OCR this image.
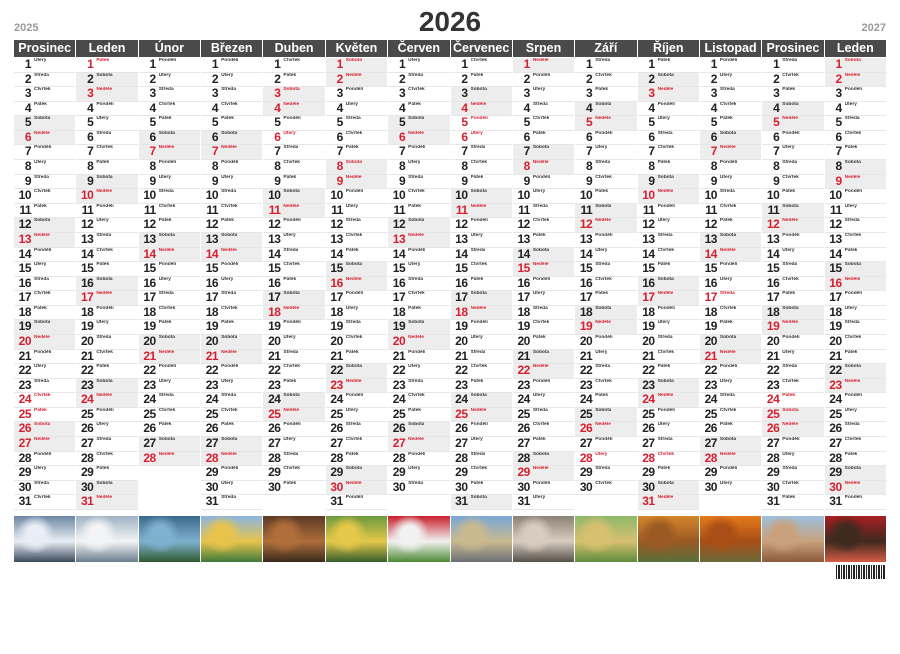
2025	2026	2027
Prosinec
1 Úterý
2 Středa
3 Čtvrtek
4 Pátek
5 Sobota
6 Neděle
7 Pondělí
8 Úterý
9 Středa
10 Čtvrtek
11 Pátek
12 Sobota
13 Neděle
14 Pondělí
15 Úterý
16 Středa
17 Čtvrtek
18 Pátek
19 Sobota
20 Neděle
21 Pondělí
22 Úterý
23 Středa
24 Čtvrtek
25 Pátek
26 Sobota
27 Neděle
28 Pondělí
29 Úterý
30 Středa
31 Čtvrtek
Leden
1 Pátek
2 Sobota
3 Neděle
4 Pondělí
5 Úterý
6 Středa
7 Čtvrtek
8 Pátek
9 Sobota
10 Neděle
11 Pondělí
12 Úterý
13 Středa
14 Čtvrtek
15 Pátek
16 Sobota
17 Neděle
18 Pondělí
19 Úterý
20 Středa
21 Čtvrtek
22 Pátek
23 Sobota
24 Neděle
25 Pondělí
26 Úterý
27 Středa
28 Čtvrtek
29 Pátek
30 Sobota
31 Neděle
Únor
1 Pondělí
2 Úterý
3 Středa
4 Čtvrtek
5 Pátek
6 Sobota
7 Neděle
8 Pondělí
9 Úterý
10 Středa
11 Čtvrtek
12 Pátek
13 Sobota
14 Neděle
15 Pondělí
16 Úterý
17 Středa
18 Čtvrtek
19 Pátek
20 Sobota
21 Neděle
22 Pondělí
23 Úterý
24 Středa
25 Čtvrtek
26 Pátek
27 Sobota
28 Neděle
Březen
1 Pondělí
2 Úterý
3 Středa
4 Čtvrtek
5 Pátek
6 Sobota
7 Neděle
8 Pondělí
9 Úterý
10 Středa
11 Čtvrtek
12 Pátek
13 Sobota
14 Neděle
15 Pondělí
16 Úterý
17 Středa
18 Čtvrtek
19 Pátek
20 Sobota
21 Neděle
22 Pondělí
23 Úterý
24 Středa
25 Čtvrtek
26 Pátek
27 Sobota
28 Neděle
29 Pondělí
30 Úterý
31 Středa
Duben
1 Čtvrtek
2 Pátek
3 Sobota
4 Neděle
5 Pondělí
6 Úterý
7 Středa
8 Čtvrtek
9 Pátek
10 Sobota
11 Neděle
12 Pondělí
13 Úterý
14 Středa
15 Čtvrtek
16 Pátek
17 Sobota
18 Neděle
19 Pondělí
20 Úterý
21 Středa
22 Čtvrtek
23 Pátek
24 Sobota
25 Neděle
26 Pondělí
27 Úterý
28 Středa
29 Čtvrtek
30 Pátek
Květen
1 Sobota
2 Neděle
3 Pondělí
4 Úterý
5 Středa
6 Čtvrtek
7 Pátek
8 Sobota
9 Neděle
10 Pondělí
11 Úterý
12 Středa
13 Čtvrtek
14 Pátek
15 Sobota
16 Neděle
17 Pondělí
18 Úterý
19 Středa
20 Čtvrtek
21 Pátek
22 Sobota
23 Neděle
24 Pondělí
25 Úterý
26 Středa
27 Čtvrtek
28 Pátek
29 Sobota
30 Neděle
31 Pondělí
Červen
1 Úterý
2 Středa
3 Čtvrtek
4 Pátek
5 Sobota
6 Neděle
7 Pondělí
8 Úterý
9 Středa
10 Čtvrtek
11 Pátek
12 Sobota
13 Neděle
14 Pondělí
15 Úterý
16 Středa
17 Čtvrtek
18 Pátek
19 Sobota
20 Neděle
21 Pondělí
22 Úterý
23 Středa
24 Čtvrtek
25 Pátek
26 Sobota
27 Neděle
28 Pondělí
29 Úterý
30 Středa
Červenec
1 Čtvrtek
2 Pátek
3 Sobota
4 Neděle
5 Pondělí
6 Úterý
7 Středa
8 Čtvrtek
9 Pátek
10 Sobota
11 Neděle
12 Pondělí
13 Úterý
14 Středa
15 Čtvrtek
16 Pátek
17 Sobota
18 Neděle
19 Pondělí
20 Úterý
21 Středa
22 Čtvrtek
23 Pátek
24 Sobota
25 Neděle
26 Pondělí
27 Úterý
28 Středa
29 Čtvrtek
30 Pátek
31 Sobota
Srpen
1 Neděle
2 Pondělí
3 Úterý
4 Středa
5 Čtvrtek
6 Pátek
7 Sobota
8 Neděle
9 Pondělí
10 Úterý
11 Středa
12 Čtvrtek
13 Pátek
14 Sobota
15 Neděle
16 Pondělí
17 Úterý
18 Středa
19 Čtvrtek
20 Pátek
21 Sobota
22 Neděle
23 Pondělí
24 Úterý
25 Středa
26 Čtvrtek
27 Pátek
28 Sobota
29 Neděle
30 Pondělí
31 Úterý
Září
1 Středa
2 Čtvrtek
3 Pátek
4 Sobota
5 Neděle
6 Pondělí
7 Úterý
8 Středa
9 Čtvrtek
10 Pátek
11 Sobota
12 Neděle
13 Pondělí
14 Úterý
15 Středa
16 Čtvrtek
17 Pátek
18 Sobota
19 Neděle
20 Pondělí
21 Úterý
22 Středa
23 Čtvrtek
24 Pátek
25 Sobota
26 Neděle
27 Pondělí
28 Úterý
29 Středa
30 Čtvrtek
Říjen
1 Pátek
2 Sobota
3 Neděle
4 Pondělí
5 Úterý
6 Středa
7 Čtvrtek
8 Pátek
9 Sobota
10 Neděle
11 Pondělí
12 Úterý
13 Středa
14 Čtvrtek
15 Pátek
16 Sobota
17 Neděle
18 Pondělí
19 Úterý
20 Středa
21 Čtvrtek
22 Pátek
23 Sobota
24 Neděle
25 Pondělí
26 Úterý
27 Středa
28 Čtvrtek
29 Pátek
30 Sobota
31 Neděle
Listopad
1 Pondělí
2 Úterý
3 Středa
4 Čtvrtek
5 Pátek
6 Sobota
7 Neděle
8 Pondělí
9 Úterý
10 Středa
11 Čtvrtek
12 Pátek
13 Sobota
14 Neděle
15 Pondělí
16 Úterý
17 Středa
18 Čtvrtek
19 Pátek
20 Sobota
21 Neděle
22 Pondělí
23 Úterý
24 Středa
25 Čtvrtek
26 Pátek
27 Sobota
28 Neděle
29 Pondělí
30 Úterý
Prosinec
1 Středa
2 Čtvrtek
3 Pátek
4 Sobota
5 Neděle
6 Pondělí
7 Úterý
8 Středa
9 Čtvrtek
10 Pátek
11 Sobota
12 Neděle
13 Pondělí
14 Úterý
15 Středa
16 Čtvrtek
17 Pátek
18 Sobota
19 Neděle
20 Pondělí
21 Úterý
22 Středa
23 Čtvrtek
24 Pátek
25 Sobota
26 Neděle
27 Pondělí
28 Úterý
29 Středa
30 Čtvrtek
31 Pátek
Leden
1 Sobota
2 Neděle
3 Pondělí
4 Úterý
5 Středa
6 Čtvrtek
7 Pátek
8 Sobota
9 Neděle
10 Pondělí
11 Úterý
12 Středa
13 Čtvrtek
14 Pátek
15 Sobota
16 Neděle
17 Pondělí
18 Úterý
19 Středa
20 Čtvrtek
21 Pátek
22 Sobota
23 Neděle
24 Pondělí
25 Úterý
26 Středa
27 Čtvrtek
28 Pátek
29 Sobota
30 Neděle
31 Pondělí
